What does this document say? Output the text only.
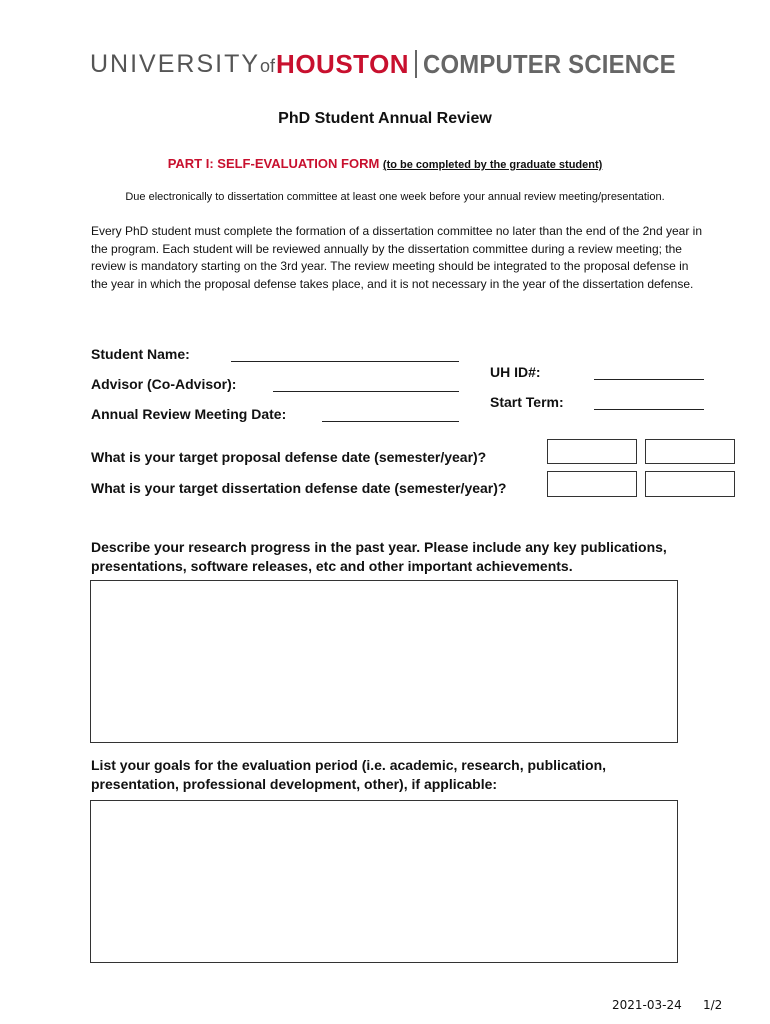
UNIVERSITY of HOUSTON COMPUTER SCIENCE
PhD Student Annual Review
PART I: SELF-EVALUATION FORM (to be completed by the graduate student)
Due electronically to dissertation committee at least one week before your annual review meeting/presentation.
Every PhD student must complete the formation of a dissertation committee no later than the end of the 2nd year in the program. Each student will be reviewed annually by the dissertation committee during a review meeting; the review is mandatory starting on the 3rd year. The review meeting should be integrated to the proposal defense in the year in which the proposal defense takes place, and it is not necessary in the year of the dissertation defense.
Student Name:
Advisor (Co-Advisor):
Annual Review Meeting Date:
UH ID#:
Start Term:
What is your target proposal defense date (semester/year)?
What is your target dissertation defense date (semester/year)?
Describe your research progress in the past year. Please include any key publications, presentations, software releases, etc and other important achievements.
List your goals for the evaluation period (i.e. academic, research, publication, presentation, professional development, other), if applicable:
2021-03-24 1/2
